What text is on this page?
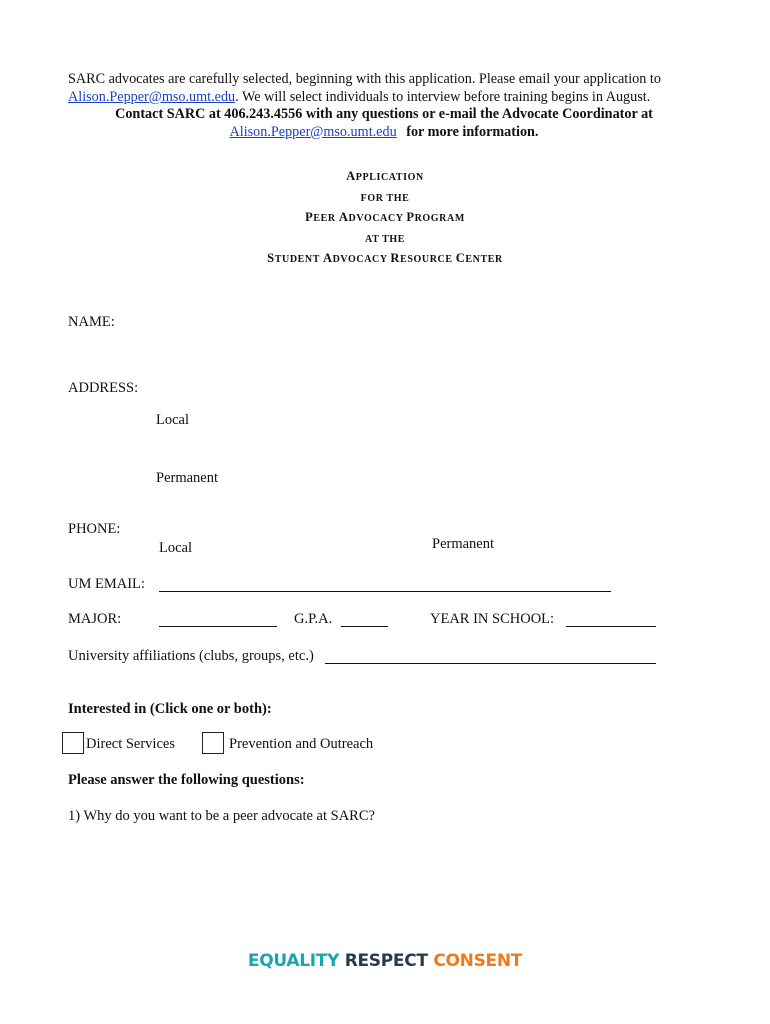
SARC advocates are carefully selected, beginning with this application. Please email your application to
Alison.Pepper@mso.umt.edu. We will select individuals to interview before training begins in August.
Contact SARC at 406.243.4556 with any questions or e-mail the Advocate Coordinator at
Alison.Pepper@mso.umt.edu for more information.
APPLICATION
FOR THE
PEER ADVOCACY PROGRAM
AT THE
STUDENT ADVOCACY RESOURCE CENTER
NAME:
ADDRESS:
Local
Permanent
PHONE:
Local	Permanent
UM EMAIL:
MAJOR:	G.P.A.	YEAR IN SCHOOL:
University affiliations (clubs, groups, etc.)
Interested in (Click one or both):
Direct Services	Prevention and Outreach
Please answer the following questions:
1) Why do you want to be a peer advocate at SARC?
EQUALITY RESPECT CONSENT
